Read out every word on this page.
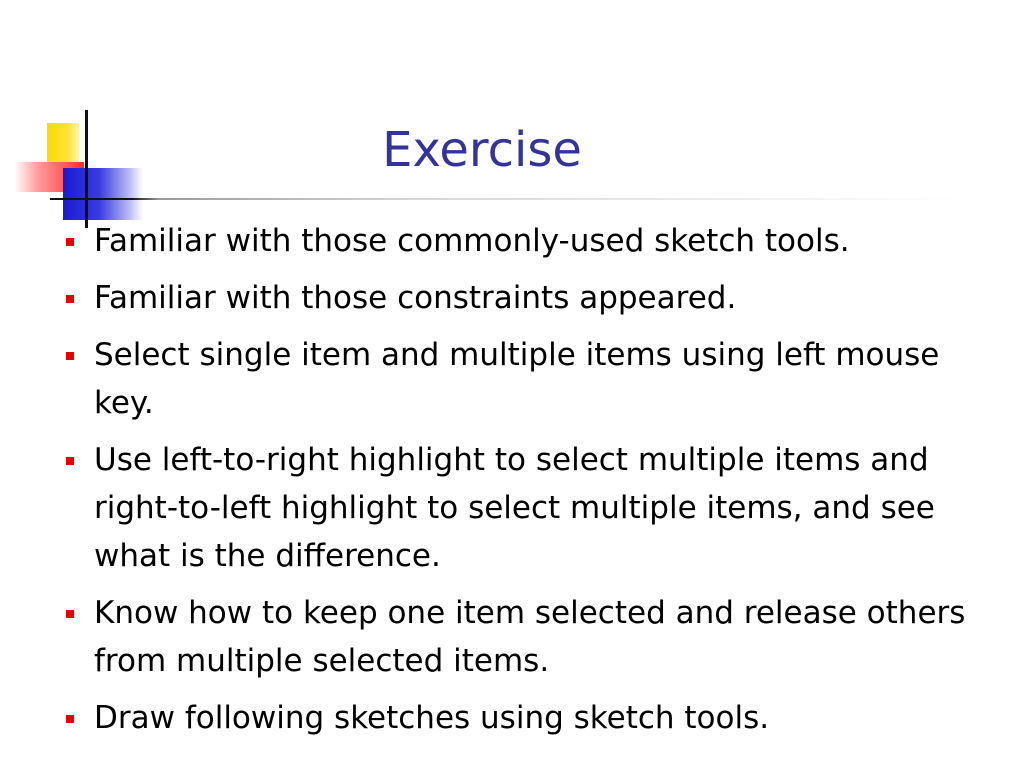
Exercise
Familiar with those commonly-used sketch tools.
Familiar with those constraints appeared.
Select single item and multiple items using left mouse key.
Use left-to-right highlight to select multiple items and right-to-left highlight to select multiple items, and see what is the difference.
Know how to keep one item selected and release others from multiple selected items.
Draw following sketches using sketch tools.
